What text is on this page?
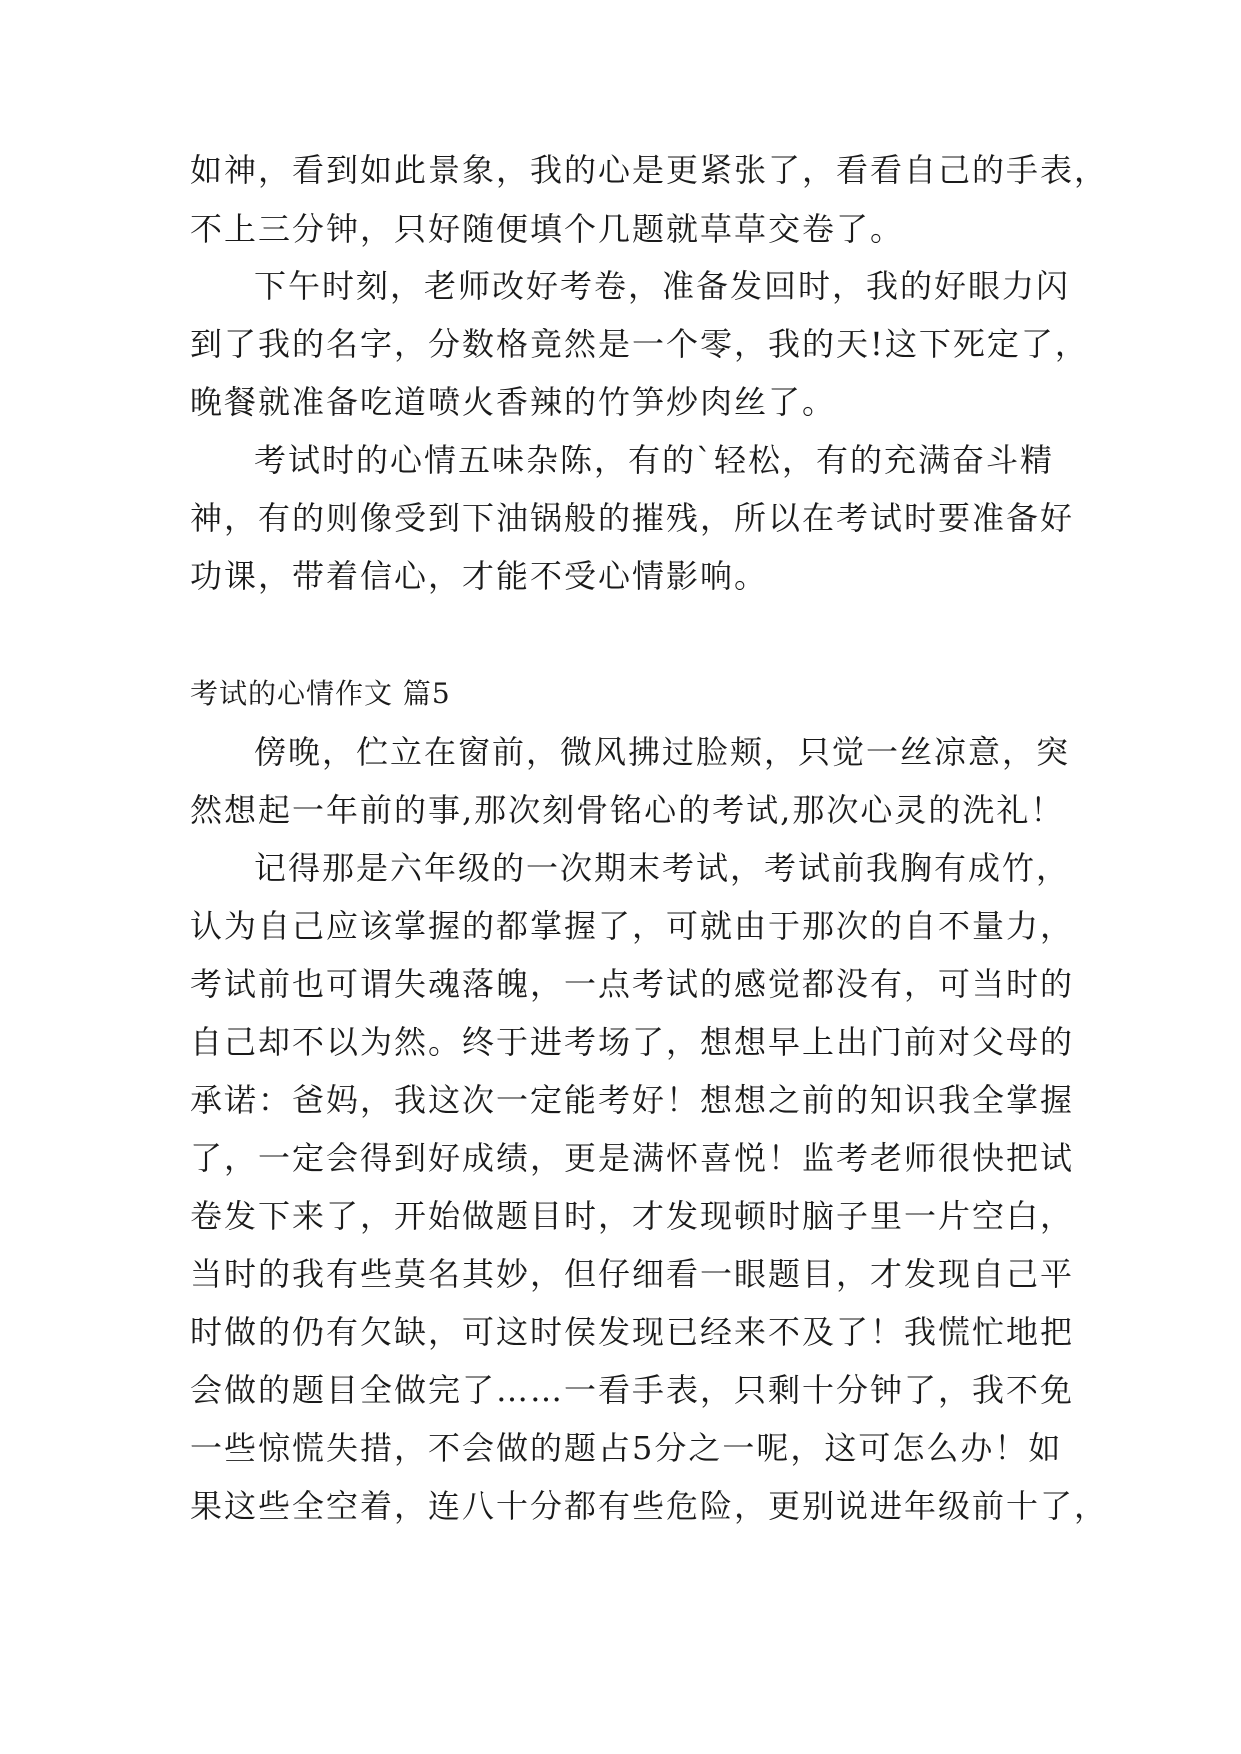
如神，看到如此景象，我的心是更紧张了，看看自己的手表，
不上三分钟，只好随便填个几题就草草交卷了。
下午时刻，老师改好考卷，准备发回时，我的好眼力闪
到了我的名字，分数格竟然是一个零，我的天!这下死定了，
晚餐就准备吃道喷火香辣的竹笋炒肉丝了。
考试时的心情五味杂陈，有的`轻松，有的充满奋斗精
神，有的则像受到下油锅般的摧残，所以在考试时要准备好
功课，带着信心，才能不受心情影响。
考试的心情作文 篇5
傍晚，伫立在窗前，微风拂过脸颊，只觉一丝凉意，突
然想起一年前的事,那次刻骨铭心的考试,那次心灵的洗礼！
记得那是六年级的一次期末考试，考试前我胸有成竹，
认为自己应该掌握的都掌握了，可就由于那次的自不量力，
考试前也可谓失魂落魄，一点考试的感觉都没有，可当时的
自己却不以为然。终于进考场了，想想早上出门前对父母的
承诺：爸妈，我这次一定能考好！想想之前的知识我全掌握
了，一定会得到好成绩，更是满怀喜悦！监考老师很快把试
卷发下来了，开始做题目时，才发现顿时脑子里一片空白，
当时的我有些莫名其妙，但仔细看一眼题目，才发现自己平
时做的仍有欠缺，可这时侯发现已经来不及了！我慌忙地把
会做的题目全做完了……一看手表，只剩十分钟了，我不免
一些惊慌失措，不会做的题占5分之一呢，这可怎么办！如
果这些全空着，连八十分都有些危险，更别说进年级前十了，
